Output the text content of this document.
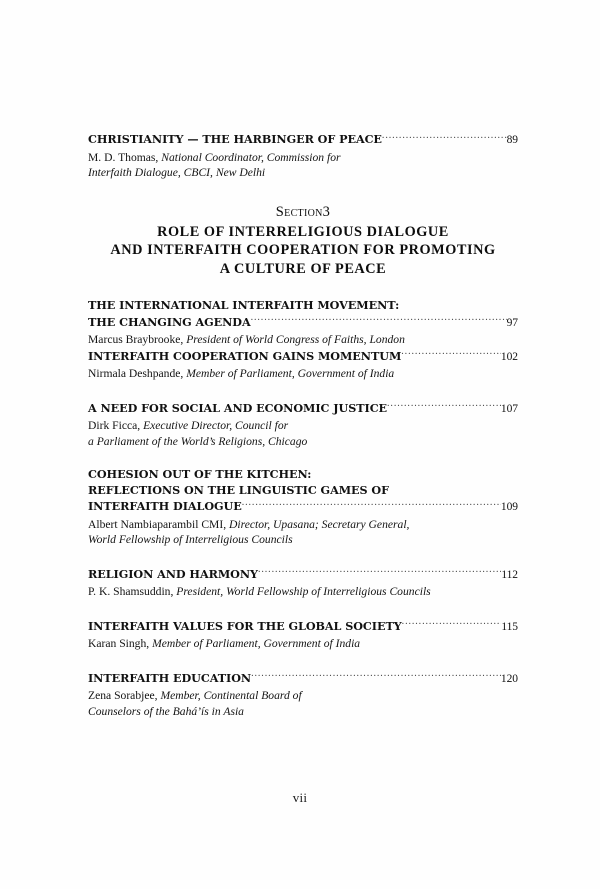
CHRISTIANITY — THE HARBINGER OF PEACE .....	89
M. D. Thomas, National Coordinator, Commission for
Interfaith Dialogue, CBCI, New Delhi
Section3
ROLE OF INTERRELIGIOUS DIALOGUE
AND INTERFAITH COOPERATION FOR PROMOTING
A CULTURE OF PEACE
THE INTERNATIONAL INTERFAITH MOVEMENT:
THE CHANGING AGENDA .....	97
Marcus Braybrooke, President of World Congress of Faiths, London
INTERFAITH COOPERATION GAINS MOMENTUM .....	102
Nirmala Deshpande, Member of Parliament, Government of India
A NEED FOR SOCIAL AND ECONOMIC JUSTICE .....	107
Dirk Ficca, Executive Director, Council for
a Parliament of the World’s Religions, Chicago
COHESION OUT OF THE KITCHEN:
REFLECTIONS ON THE LINGUISTIC GAMES OF
INTERFAITH DIALOGUE .....	109
Albert Nambiaparambil CMI, Director, Upasana; Secretary General,
World Fellowship of Interreligious Councils
RELIGION AND HARMONY .....	112
P. K. Shamsuddin, President, World Fellowship of Interreligious Councils
INTERFAITH VALUES FOR THE GLOBAL SOCIETY .....	115
Karan Singh, Member of Parliament, Government of India
INTERFAITH EDUCATION .....	120
Zena Sorabjee, Member, Continental Board of
Counselors of the Bahá’ís in Asia
vii
